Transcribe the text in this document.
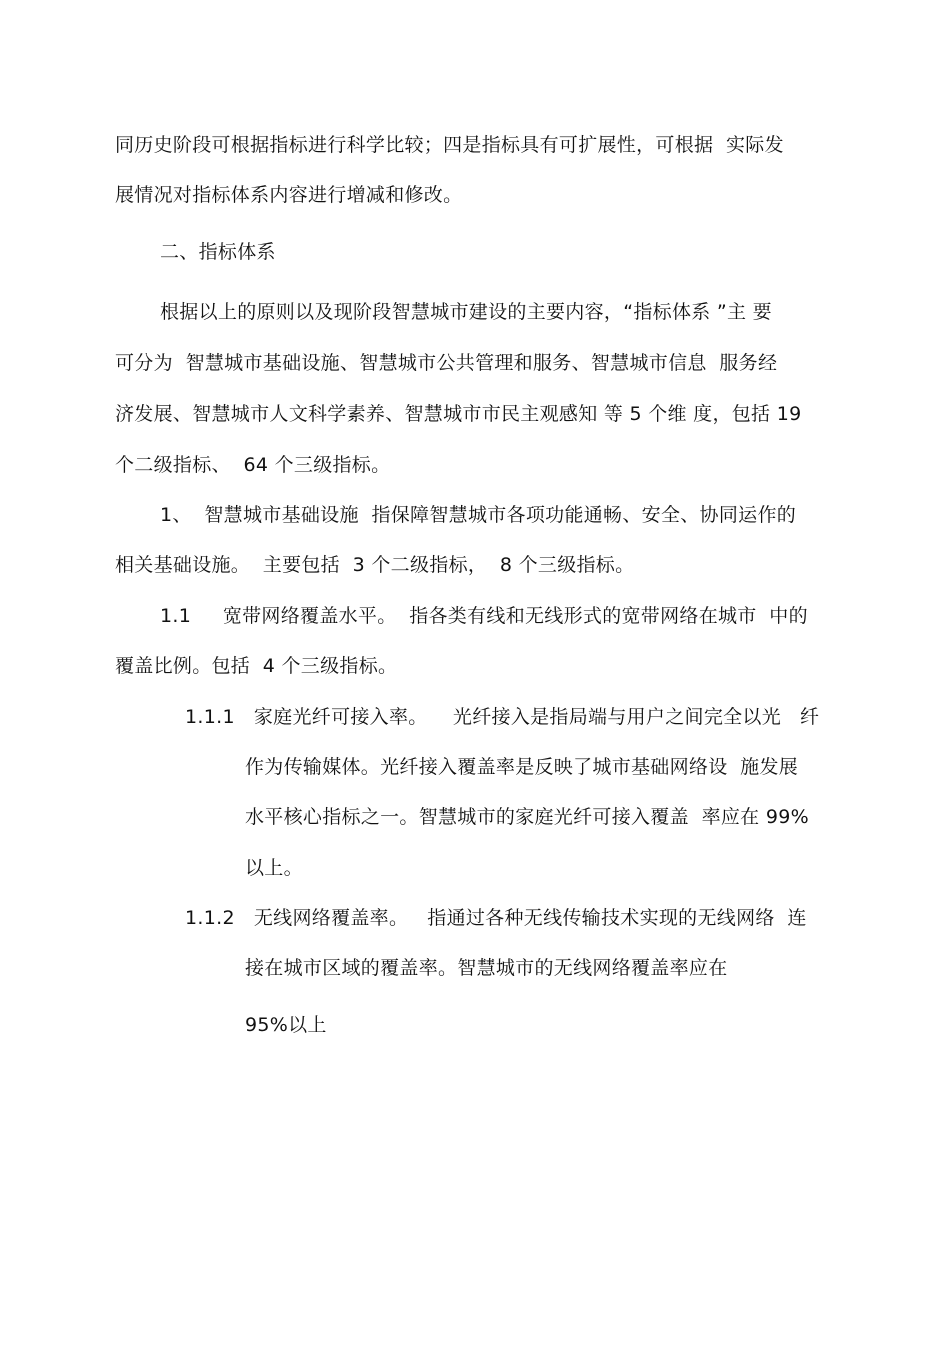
同历史阶段可根据指标进行科学比较；四是指标具有可扩展性，可根据  实际发
展情况对指标体系内容进行增减和修改。
二、指标体系
根据以上的原则以及现阶段智慧城市建设的主要内容，“指标体系 ”主 要
可分为  智慧城市基础设施、智慧城市公共管理和服务、智慧城市信息  服务经
济发展、智慧城市人文科学素养、智慧城市市民主观感知 等 5 个维 度，包括 19
个二级指标、  64 个三级指标。
1、  智慧城市基础设施  指保障智慧城市各项功能通畅、安全、协同运作的
相关基础设施。  主要包括  3 个二级指标，  8 个三级指标。
1.1     宽带网络覆盖水平。  指各类有线和无线形式的宽带网络在城市  中的
覆盖比例。包括  4 个三级指标。
1.1.1   家庭光纤可接入率。    光纤接入是指局端与用户之间完全以光   纤
作为传输媒体。光纤接入覆盖率是反映了城市基础网络设  施发展
水平核心指标之一。智慧城市的家庭光纤可接入覆盖  率应在 99%
以上。
1.1.2   无线网络覆盖率。   指通过各种无线传输技术实现的无线网络  连
接在城市区域的覆盖率。智慧城市的无线网络覆盖率应在
95%以上
